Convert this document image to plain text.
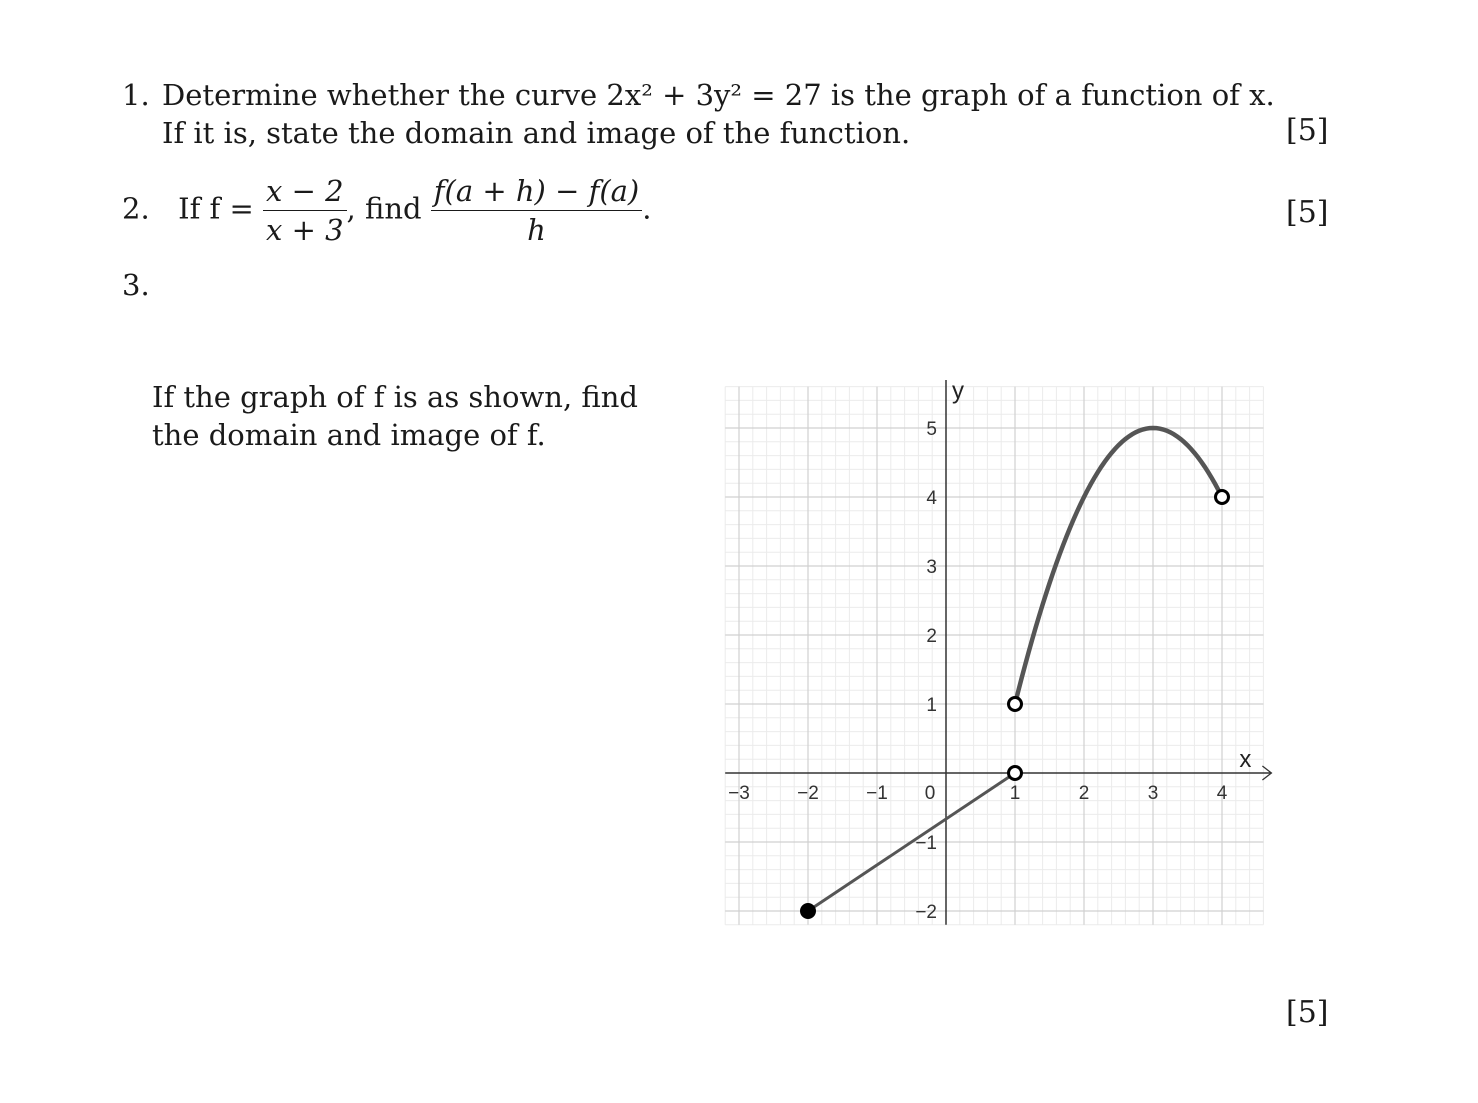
1. Determine whether the curve 2x² + 3y² = 27 is the graph of a function of x.
If it is, state the domain and image of the function.	[5]
2. If $f = \frac{x - 2}{x + 3}$ , find $\frac{f(a + h) - f(a)}{h}$ .	[5]
3.
If the graph of f is as shown, find
the domain and image of f.
[5]
−3 −2 −1 0	1	2	3	4
−2
−1
1
2
3
4
5
x
y
